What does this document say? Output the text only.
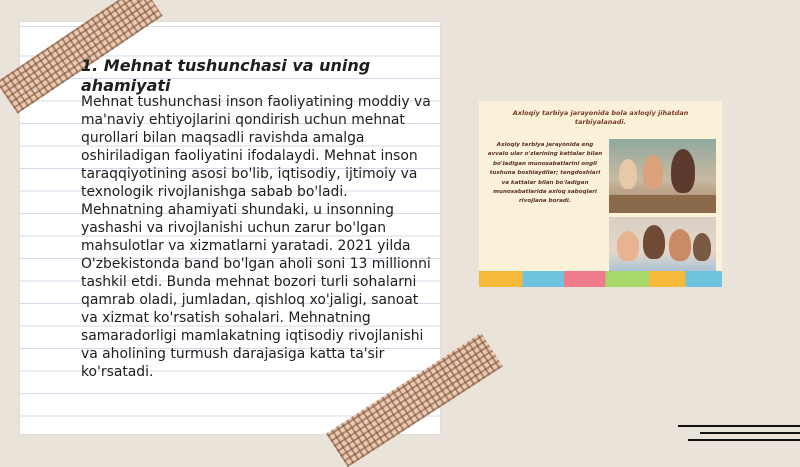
1. Mehnat tushunchasi va uning ahamiyati

Mehnat tushunchasi inson faoliyatining moddiy va ma'naviy ehtiyojlarini qondirish uchun mehnat qurollari bilan maqsadli ravishda amalga oshiriladigan faoliyatini ifodalaydi. Mehnat inson taraqqiyotining asosi bo'lib, iqtisodiy, ijtimoiy va texnologik rivojlanishga sabab bo'ladi. Mehnatning ahamiyati shundaki, u insonning yashashi va rivojlanishi uchun zarur bo'lgan mahsulotlar va xizmatlarni yaratadi. 2021 yilda O'zbekistonda band bo'lgan aholi soni 13 millionni tashkil etdi. Bunda mehnat bozori turli sohalarni qamrab oladi, jumladan, qishloq xo'jaligi, sanoat va xizmat ko'rsatish sohalari. Mehnatning samaradorligi mamlakatning iqtisodiy rivojlanishi va aholining turmush darajasiga katta ta'sir ko'rsatadi.

Axloqiy tarbiya jarayonida bola axloqiy jihatdan tarbiyalanadi.
Axloqiy tarbiya jarayonida eng avvalo ular o'zlarining kattalar bilan bo'ladigan munosabatlarini ongli tushuna boshlaydilar; tengdoshlari va kattalar bilan bo'ladigan munosabatlarida axloq saboqlari rivojlana boradi.
